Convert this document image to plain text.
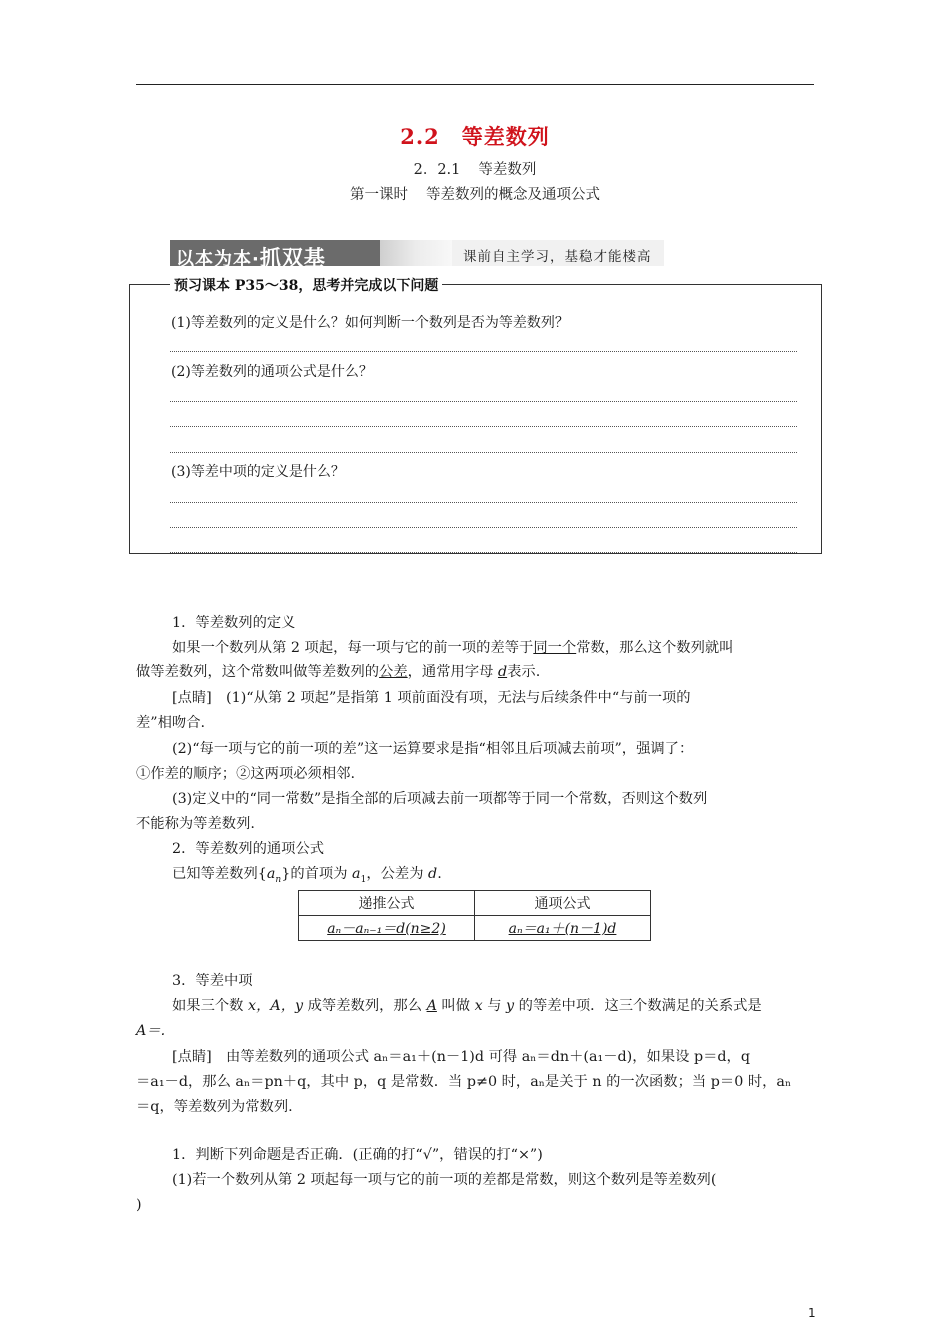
2.2 等差数列
2．2.1 等差数列
第一课时 等差数列的概念及通项公式
以本为本·抓双基	课前自主学习，基稳才能楼高
预习课本 P35～38，思考并完成以下问题
(1)等差数列的定义是什么？如何判断一个数列是否为等差数列？
(2)等差数列的通项公式是什么？
(3)等差中项的定义是什么？
1．等差数列的定义
如果一个数列从第 2 项起，每一项与它的前一项的差等于同一个常数，那么这个数列就叫
做等差数列，这个常数叫做等差数列的公差，通常用字母 d表示.
[点睛]　(1)“从第 2 项起”是指第 1 项前面没有项，无法与后续条件中“与前一项的
差”相吻合.
(2)“每一项与它的前一项的差”这一运算要求是指“相邻且后项减去前项”，强调了：
①作差的顺序；②这两项必须相邻.
(3)定义中的“同一常数”是指全部的后项减去前一项都等于同一个常数，否则这个数列
不能称为等差数列.
2．等差数列的通项公式
已知等差数列$\{a_n\}$的首项为 $a_1$，公差为 d.
递推公式	通项公式
aₙ－aₙ₋₁＝d(n≥2)	aₙ＝a₁＋(n－1)d
3．等差中项
如果三个数 x，A，y 成等差数列，那么 A 叫做 x 与 y 的等差中项．这三个数满足的关系式是
A＝.
[点睛]　由等差数列的通项公式 aₙ＝a₁＋(n－1)d 可得 aₙ＝dn＋(a₁－d)，如果设 p＝d，q
＝a₁－d，那么 aₙ＝pn＋q，其中 p，q 是常数．当 p≠0 时，aₙ是关于 n 的一次函数；当 p＝0 时，aₙ
＝q，等差数列为常数列.
1．判断下列命题是否正确．(正确的打“√”，错误的打“×”)
(1)若一个数列从第 2 项起每一项与它的前一项的差都是常数，则这个数列是等差数列(
)
1
